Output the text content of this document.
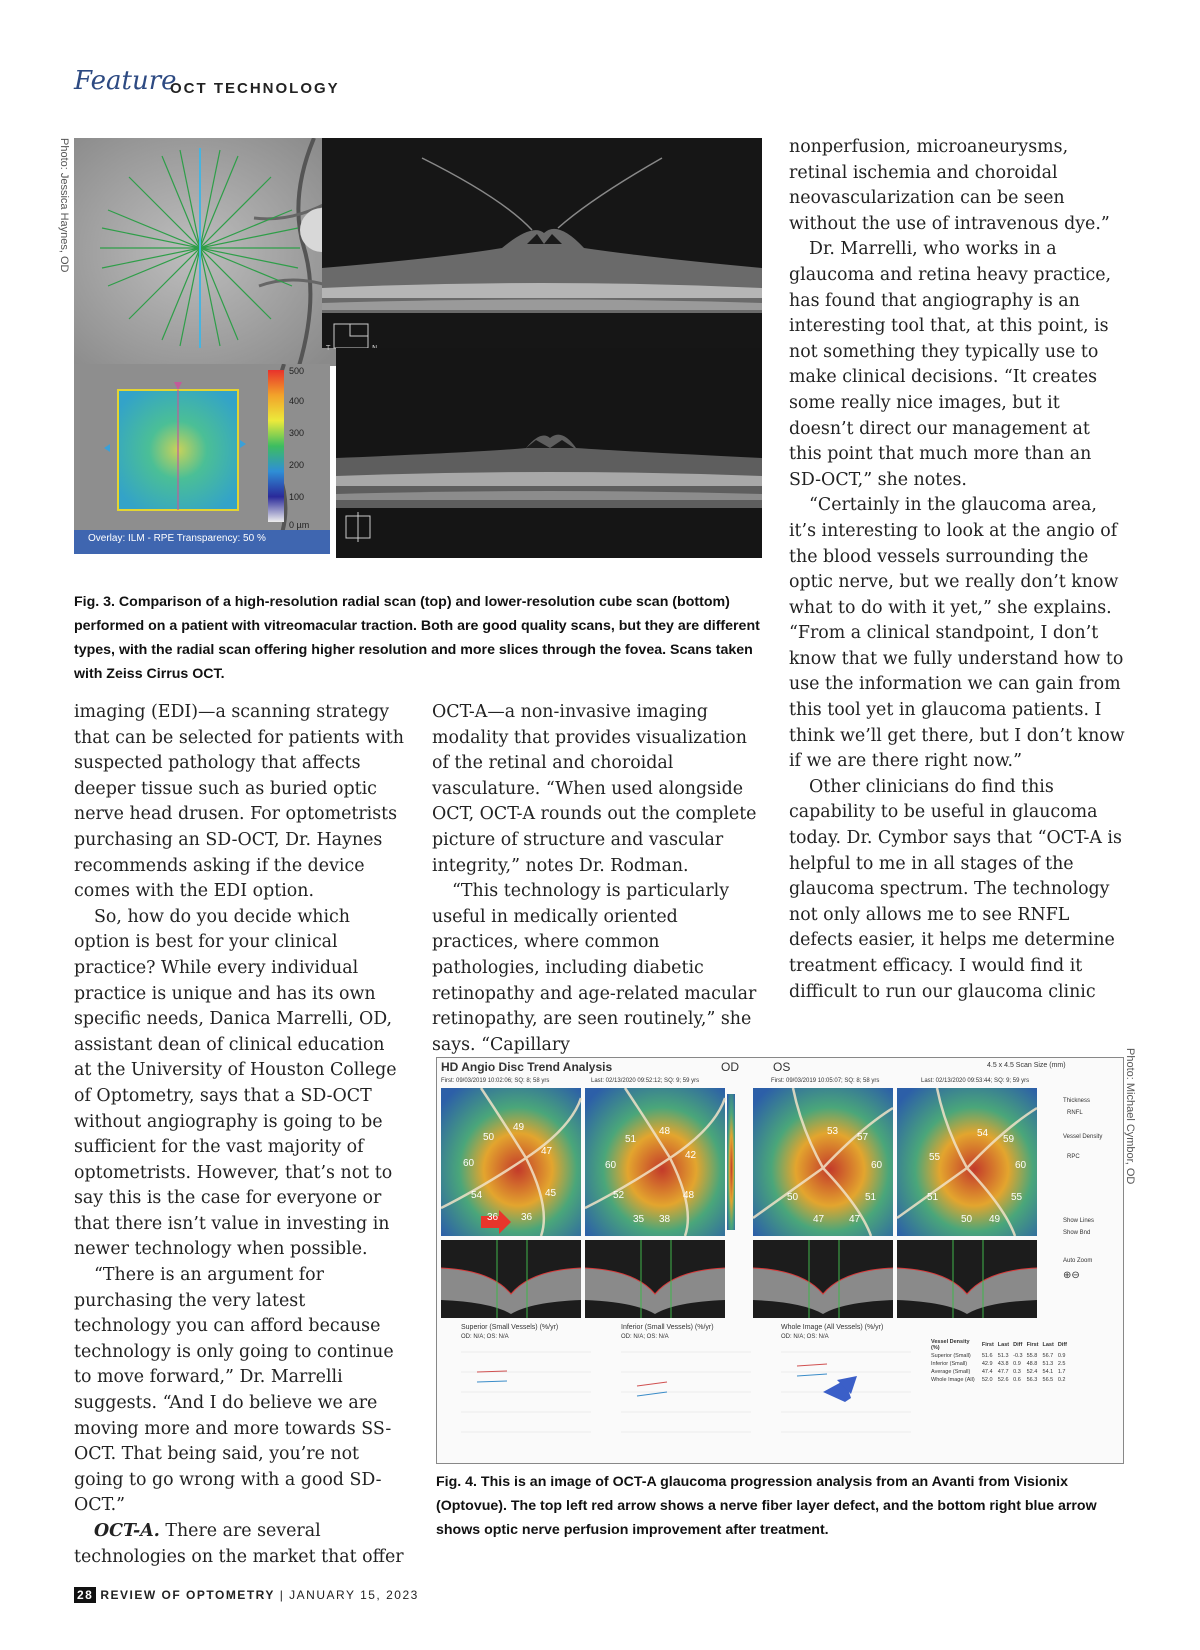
Feature
OCT TECHNOLOGY
Photo: Jessica Haynes, OD
Photo: Michael Cymbor, OD
T
Overlay: ILM - RPE Transparency: 50 %
500
400
300
200
100
0 µm
Fig. 3. Comparison of a high-resolution radial scan (top) and lower-resolution cube scan (bottom) performed on a patient with vitreomacular traction. Both are good quality scans, but they are different types, with the radial scan offering higher resolution and more slices through the fovea. Scans taken with Zeiss Cirrus OCT.

imaging (EDI)—a scanning strategy that can be selected for patients with suspected pathology that affects deeper tissue such as buried optic nerve head drusen. For optometrists purchasing an SD-OCT, Dr. Haynes recommends asking if the device comes with the EDI option.

So, how do you decide which option is best for your clinical practice? While every individual practice is unique and has its own specific needs, Danica Marrelli, OD, assistant dean of clinical education at the University of Houston College of Optometry, says that a SD-OCT without angiography is going to be sufficient for the vast majority of optometrists. However, that’s not to say this is the case for everyone or that there isn’t value in investing in newer technology when possible.

“There is an argument for purchasing the very latest technology you can afford because technology is only going to continue to move forward,” Dr. Marrelli suggests. “And I do believe we are moving more and more towards SS-OCT. That being said, you’re not going to go wrong with a good SD-OCT.”

OCT-A. There are several technologies on the market that offer

OCT-A—a non-invasive imaging modality that provides visualization of the retinal and choroidal vasculature. “When used alongside OCT, OCT-A rounds out the complete picture of structure and vascular integrity,” notes Dr. Rodman.

“This technology is particularly useful in medically oriented practices, where common pathologies, including diabetic retinopathy and age-related macular retinopathy, are seen routinely,” she says. “Capillary

nonperfusion, microaneurysms, retinal ischemia and choroidal neovascularization can be seen without the use of intravenous dye.”

Dr. Marrelli, who works in a glaucoma and retina heavy practice, has found that angiography is an interesting tool that, at this point, is not something they typically use to make clinical decisions. “It creates some really nice images, but it doesn’t direct our management at this point that much more than an SD-OCT,” she notes.

“Certainly in the glaucoma area, it’s interesting to look at the angio of the blood vessels surrounding the optic nerve, but we really don’t know what to do with it yet,” she explains. “From a clinical standpoint, I don’t know that we fully understand how to use the information we can gain from this tool yet in glaucoma patients. I think we’ll get there, but I don’t know if we are there right now.”

Other clinicians do find this capability to be useful in glaucoma today. Dr. Cymbor says that “OCT-A is helpful to me in all stages of the glaucoma spectrum. The technology not only allows me to see RNFL defects easier, it helps me determine treatment efficacy. I would find it difficult to run our glaucoma clinic

HD Angio Disc Trend Analysis	OD	OS	4.5 x 4.5 Scan Size (mm)
First: 09/03/2019 10:02:06; SQ: 8; 58 yrs	Last: 02/13/2020 09:52:12; SQ: 9; 59 yrs	First: 09/03/2019 10:05:07; SQ: 8; 58 yrs	Last: 02/13/2020 09:53:44; SQ: 9; 59 yrs
50
49
60
47
45
54
36 36
51
48
60
42
48
52
35 38
53
57
60
50	51
47 47
54
59
55
60
51	55
50 49
Thickness
RNFL
Vessel Density
RPC
Show Lines
Show Bnd
Auto Zoom
⊕⊖
Superior (Small Vessels) (%/yr)	Inferior (Small Vessels) (%/yr)	Whole Image (All Vessels) (%/yr)
OD: N/A; OS: N/A	OD: N/A; OS: N/A	OD: N/A; OS: N/A
Vessel Density (%)	First	Last	Diff	First	Last	Diff
Superior (Small)	51.6	51.3	-0.3	55.8	56.7	0.9
Inferior (Small)	42.9	43.8	0.9	48.8	51.3	2.5
Average (Small)	47.4	47.7	0.3	52.4	54.1	1.7
Whole Image (All)	52.0	52.6	0.6	56.3	56.5	0.2
Fig. 4. This is an image of OCT-A glaucoma progression analysis from an Avanti from Visionix (Optovue). The top left red arrow shows a nerve fiber layer defect, and the bottom right blue arrow shows optic nerve perfusion improvement after treatment.
28 REVIEW OF OPTOMETRY | JANUARY 15, 2023
